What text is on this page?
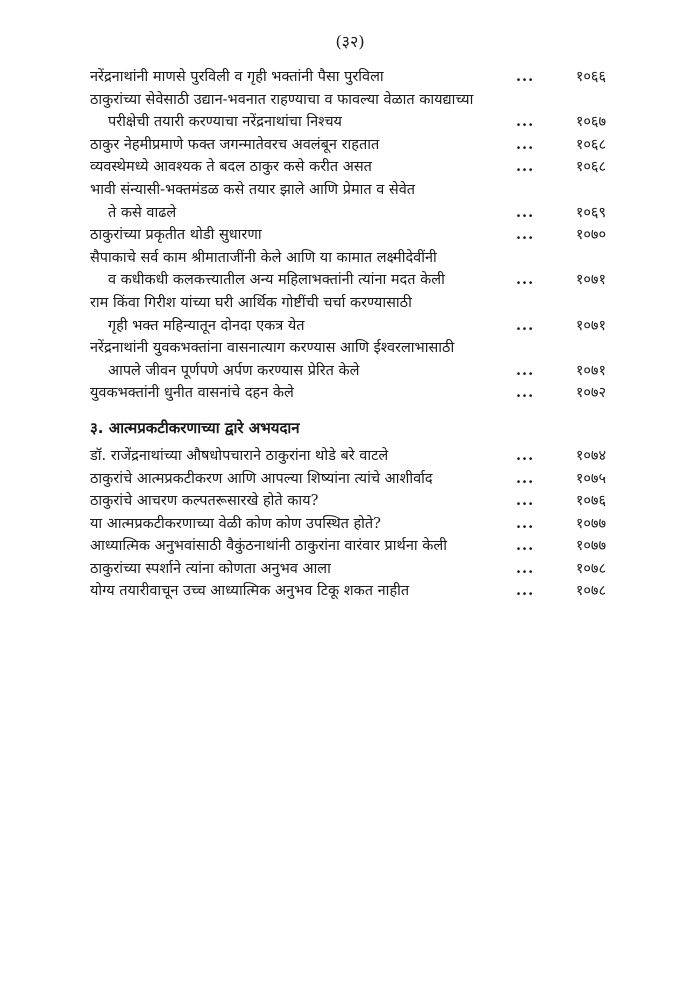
(३२)
नरेंद्रनाथांनी माणसे पुरविली व गृही भक्तांनी पैसा पुरविला	...	१०६६
ठाकुरांच्या सेवेसाठी उद्यान-भवनात राहण्याचा व फावल्या वेळात कायद्याच्या
परीक्षेची तयारी करण्याचा नरेंद्रनाथांचा निश्चय	...	१०६७
ठाकुर नेहमीप्रमाणे फक्त जगन्मातेवरच अवलंबून राहतात	...	१०६८
व्यवस्थेमध्ये आवश्यक ते बदल ठाकुर कसे करीत असत	...	१०६८
भावी संन्यासी-भक्तमंडळ कसे तयार झाले आणि प्रेमात व सेवेत
ते कसे वाढले	...	१०६९
ठाकुरांच्या प्रकृतीत थोडी सुधारणा	...	१०७०
सैपाकाचे सर्व काम श्रीमाताजींनी केले आणि या कामात लक्ष्मीदेवींनी
व कधीकधी कलकत्त्यातील अन्य महिलाभक्तांनी त्यांना मदत केली	...	१०७१
राम किंवा गिरीश यांच्या घरी आर्थिक गोष्टींची चर्चा करण्यासाठी
गृही भक्त महिन्यातून दोनदा एकत्र येत	...	१०७१
नरेंद्रनाथांनी युवकभक्तांना वासनात्याग करण्यास आणि ईश्वरलाभासाठी
आपले जीवन पूर्णपणे अर्पण करण्यास प्रेरित केले	...	१०७१
युवकभक्तांनी धुनीत वासनांचे दहन केले	...	१०७२
३. आत्मप्रकटीकरणाच्या द्वारे अभयदान
डॉ. राजेंद्रनाथांच्या औषधोपचाराने ठाकुरांना थोडे बरे वाटले	...	१०७४
ठाकुरांचे आत्मप्रकटीकरण आणि आपल्या शिष्यांना त्यांचे आशीर्वाद	...	१०७५
ठाकुरांचे आचरण कल्पतरूसारखे होते काय?	...	१०७६
या आत्मप्रकटीकरणाच्या वेळी कोण कोण उपस्थित होते?	...	१०७७
आध्यात्मिक अनुभवांसाठी वैकुंठनाथांनी ठाकुरांना वारंवार प्रार्थना केली	...	१०७७
ठाकुरांच्या स्पर्शाने त्यांना कोणता अनुभव आला	...	१०७८
योग्य तयारीवाचून उच्च आध्यात्मिक अनुभव टिकू शकत नाहीत	...	१०७८
